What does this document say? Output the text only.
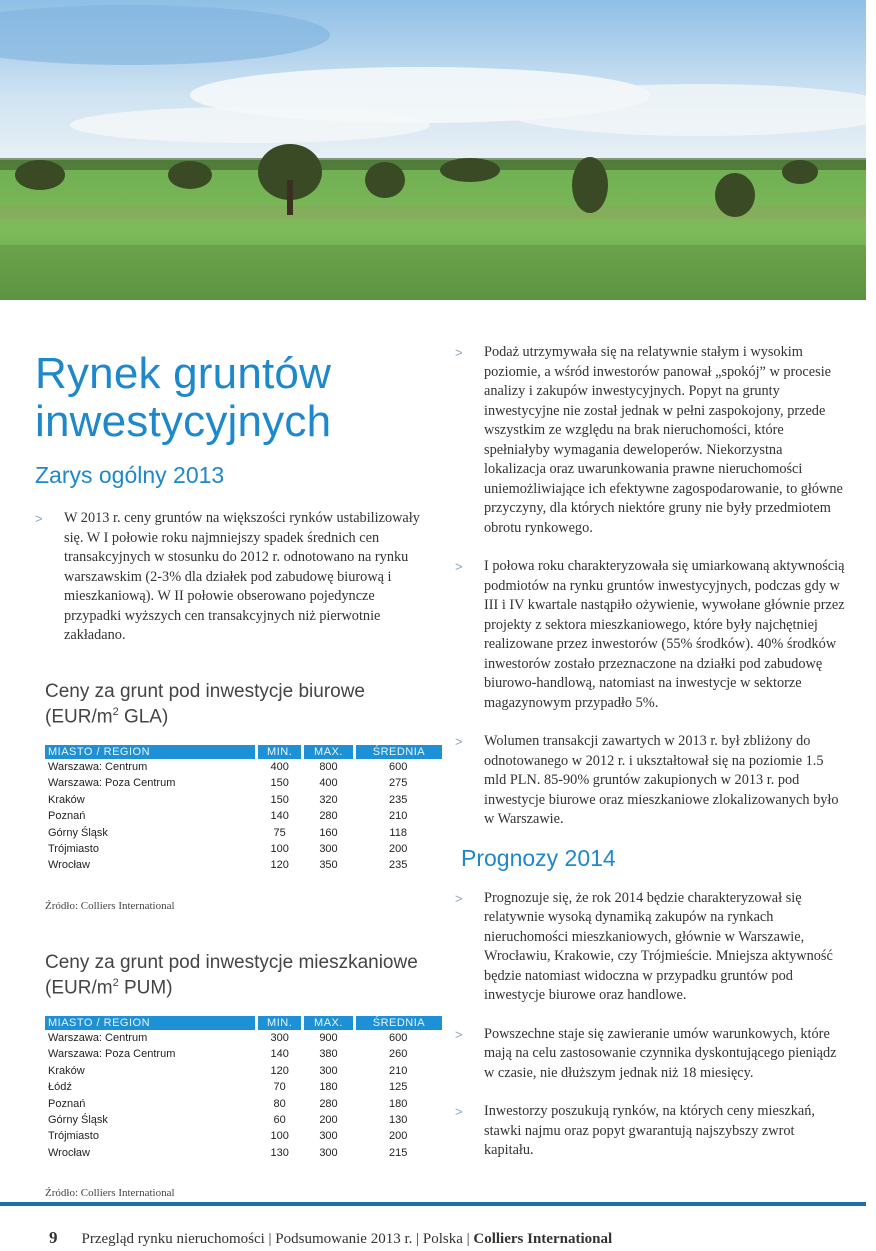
Rynek gruntów inwestycyjnych
Zarys ogólny 2013
> W 2013 r. ceny gruntów na większości rynków ustabilizowały się. W I połowie roku najmniejszy spadek średnich cen transakcyjnych w stosunku do 2012 r. odnotowano na rynku warszawskim (2-3% dla działek pod zabudowę biurową i mieszkaniową). W II połowie obserowano pojedyncze przypadki wyższych cen transakcyjnych niż pierwotnie zakładano.
Ceny za grunt pod inwestycje biurowe
($EUR/m^2$ GLA)
MIASTO / REGION	MIN.	MAX.	ŚREDNIA
Warszawa: Centrum	400	800	600
Warszawa: Poza Centrum	150	400	275
Kraków	150	320	235
Poznań	140	280	210
Górny Śląsk	75	160	118
Trójmiasto	100	300	200
Wrocław	120	350	235
Źródło: Colliers International
Ceny za grunt pod inwestycje mieszkaniowe
($EUR/m^2$ PUM)
MIASTO / REGION	MIN.	MAX.	ŚREDNIA
Warszawa: Centrum	300	900	600
Warszawa: Poza Centrum	140	380	260
Kraków	120	300	210
Łódź	70	180	125
Poznań	80	280	180
Górny Śląsk	60	200	130
Trójmiasto	100	300	200
Wrocław	130	300	215
Źródło: Colliers International
> Podaż utrzymywała się na relatywnie stałym i wysokim poziomie, a wśród inwestorów panował „spokój” w procesie analizy i zakupów inwestycyjnych. Popyt na grunty inwestycyjne nie został jednak w pełni zaspokojony, przede wszystkim ze względu na brak nieruchomości, które spełniałyby wymagania deweloperów. Niekorzystna lokalizacja oraz uwarunkowania prawne nieruchomości uniemożliwiające ich efektywne zagospodarowanie, to główne przyczyny, dla których niektóre gruny nie były przedmiotem obrotu rynkowego.
> I połowa roku charakteryzowała się umiarkowaną aktywnością podmiotów na rynku gruntów inwestycyjnych, podczas gdy w III i IV kwartale nastąpiło ożywienie, wywołane głównie przez projekty z sektora mieszkaniowego, które były najchętniej realizowane przez inwestorów (55% środków). 40% środków inwestorów zostało przeznaczone na działki pod zabudowę biurowo-handlową, natomiast na inwestycje w sektorze magazynowym przypadło 5%.
> Wolumen transakcji zawartych w 2013 r. był zbliżony do odnotowanego w 2012 r. i ukształtował się na poziomie 1.5 mld PLN. 85-90% gruntów zakupionych w 2013 r. pod inwestycje biurowe oraz mieszkaniowe zlokalizowanych było w Warszawie.
Prognozy 2014
> Prognozuje się, że rok 2014 będzie charakteryzował się relatywnie wysoką dynamiką zakupów na rynkach nieruchomości mieszkaniowych, głównie w Warszawie, Wrocławiu, Krakowie, czy Trójmieście. Mniejsza aktywność będzie natomiast widoczna w przypadku gruntów pod inwestycje biurowe oraz handlowe.
> Powszechne staje się zawieranie umów warunkowych, które mają na celu zastosowanie czynnika dyskontującego pieniądz w czasie, nie dłuższym jednak niż 18 miesięcy.
> Inwestorzy poszukują rynków, na których ceny mieszkań, stawki najmu oraz popyt gwarantują najszybszy zwrot kapitału.
9 Przegląd rynku nieruchomości | Podsumowanie 2013 r. | Polska | Colliers International
